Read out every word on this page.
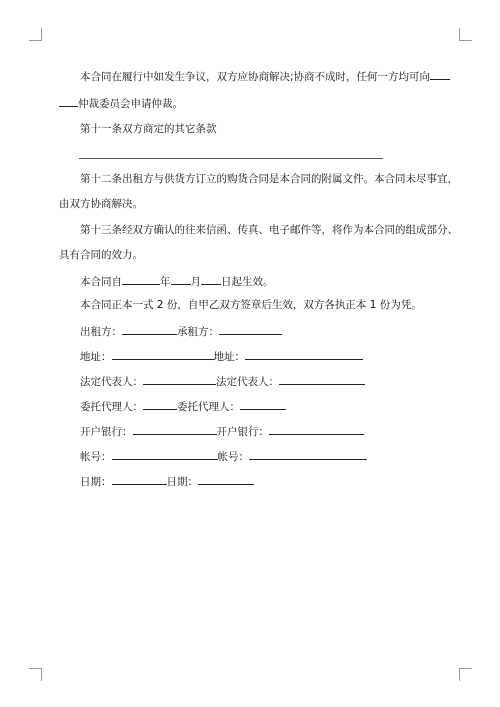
本合同在履行中如发生争议，双方应协商解决;协商不成时，任何一方均可向
仲裁委员会申请仲裁。
第十一条双方商定的其它条款
第十二条出租方与供货方订立的购货合同是本合同的附属文件。本合同未尽事宜，
由双方协商解决。
第十三条经双方确认的往来信函、传真、电子邮件等，将作为本合同的组成部分、
具有合同的效力。
本合同自	年 月 日起生效。
本合同正本一式 2 份，自甲乙双方签章后生效，双方各执正本 1 份为凭。
出租方：	承租方：
地址：	地址：
法定代表人：	法定代表人：
委托代理人：	委托代理人：
开户银行：	开户银行：
帐号：	帐号：
日期：	日期：
